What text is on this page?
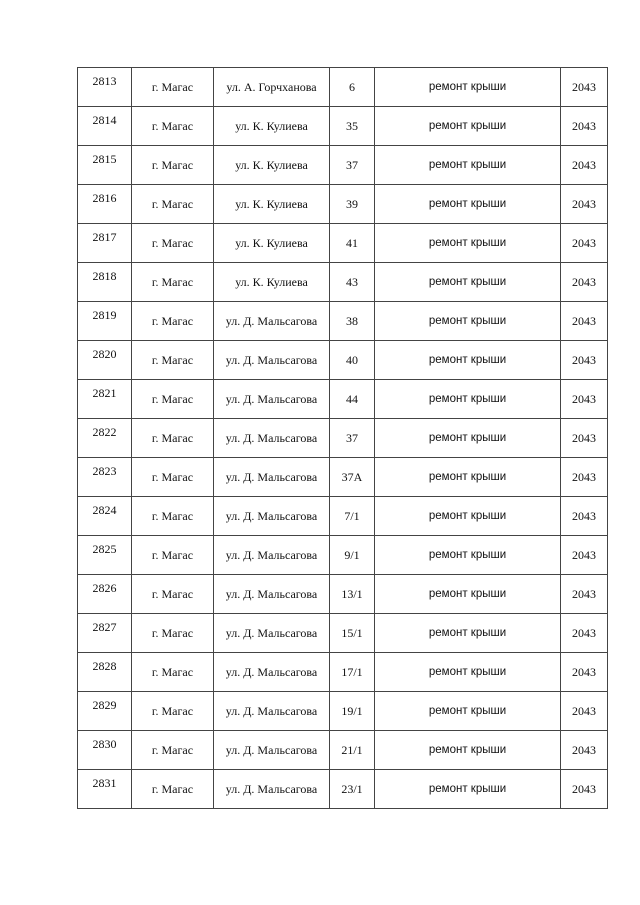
2813	г. Магас	ул. А. Горчханова	6	ремонт крыши	2043
2814	г. Магас	ул. К. Кулиева	35	ремонт крыши	2043
2815	г. Магас	ул. К. Кулиева	37	ремонт крыши	2043
2816	г. Магас	ул. К. Кулиева	39	ремонт крыши	2043
2817	г. Магас	ул. К. Кулиева	41	ремонт крыши	2043
2818	г. Магас	ул. К. Кулиева	43	ремонт крыши	2043
2819	г. Магас	ул. Д. Мальсагова	38	ремонт крыши	2043
2820	г. Магас	ул. Д. Мальсагова	40	ремонт крыши	2043
2821	г. Магас	ул. Д. Мальсагова	44	ремонт крыши	2043
2822	г. Магас	ул. Д. Мальсагова	37	ремонт крыши	2043
2823	г. Магас	ул. Д. Мальсагова	37А	ремонт крыши	2043
2824	г. Магас	ул. Д. Мальсагова	7/1	ремонт крыши	2043
2825	г. Магас	ул. Д. Мальсагова	9/1	ремонт крыши	2043
2826	г. Магас	ул. Д. Мальсагова	13/1	ремонт крыши	2043
2827	г. Магас	ул. Д. Мальсагова	15/1	ремонт крыши	2043
2828	г. Магас	ул. Д. Мальсагова	17/1	ремонт крыши	2043
2829	г. Магас	ул. Д. Мальсагова	19/1	ремонт крыши	2043
2830	г. Магас	ул. Д. Мальсагова	21/1	ремонт крыши	2043
2831	г. Магас	ул. Д. Мальсагова	23/1	ремонт крыши	2043
